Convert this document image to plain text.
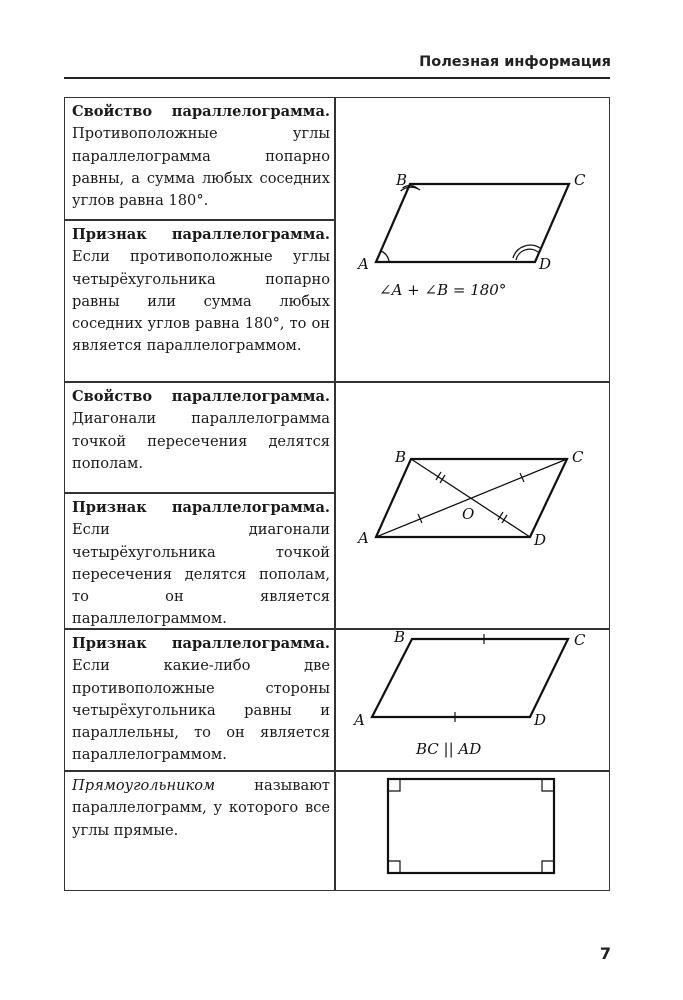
Полезная информация
Свойство параллелограмма. Противоположные углы параллелограмма попарно равны, а сумма любых соседних углов равна 180°.
Признак параллелограмма. Если противоположные углы четырёхугольника попарно равны или сумма любых соседних углов равна 180°, то он является параллелограммом.
Свойство параллелограмма. Диагонали параллелограмма точкой пересечения делятся пополам.
Признак параллелограмма. Если диагонали четырёхугольника точкой пересечения делятся пополам, то он является параллелограммом.
Признак параллелограмма. Если какие-либо две противоположные стороны четырёхугольника равны и параллельны, то он является параллелограммом.
Прямоугольником называют параллелограмм, у которого все углы прямые.
B	C
A	D
∠A + ∠B = 180°
B	C
A	D
O
B	C
A	D
BC || AD
7
